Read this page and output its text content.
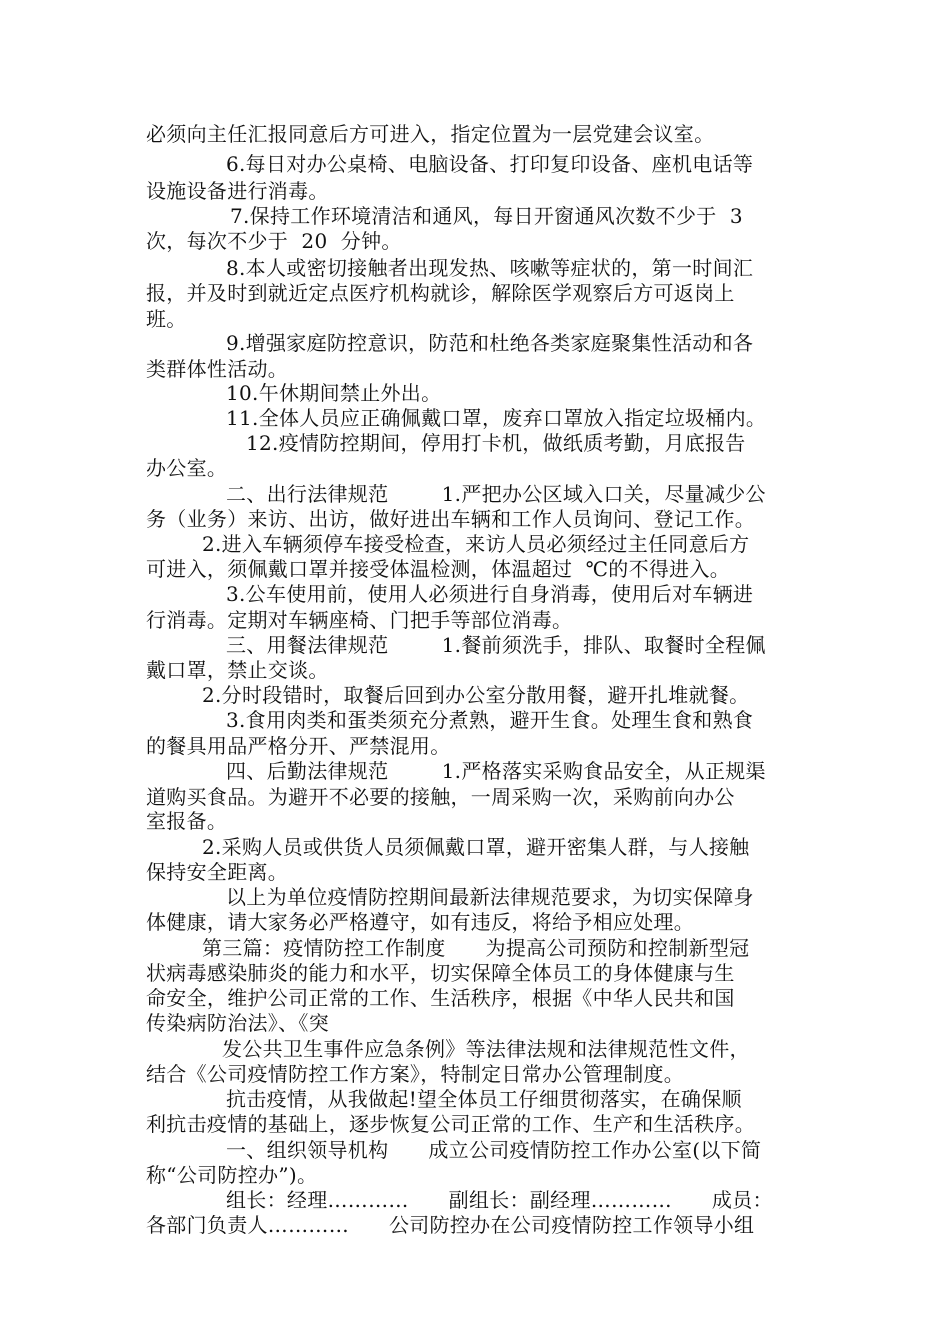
必须向主任汇报同意后方可进入，指定位置为一层党建会议室。
6.每日对办公桌椅、电脑设备、打印复印设备、座机电话等
设施设备进行消毒。
7.保持工作环境清洁和通风，每日开窗通风次数不少于  3
次，每次不少于  20  分钟。
8.本人或密切接触者出现发热、咳嗽等症状的，第一时间汇
报，并及时到就近定点医疗机构就诊，解除医学观察后方可返岗上
班。
9.增强家庭防控意识，防范和杜绝各类家庭聚集性活动和各
类群体性活动。
10.午休期间禁止外出。
11.全体人员应正确佩戴口罩，废弃口罩放入指定垃圾桶内。
12.疫情防控期间，停用打卡机，做纸质考勤，月底报告
办公室。
二、出行法律规范        1.严把办公区域入口关，尽量减少公
务（业务）来访、出访，做好进出车辆和工作人员询问、登记工作。
2.进入车辆须停车接受检查，来访人员必须经过主任同意后方
可进入，须佩戴口罩并接受体温检测，体温超过  ℃的不得进入。
3.公车使用前，使用人必须进行自身消毒，使用后对车辆进
行消毒。定期对车辆座椅、门把手等部位消毒。
三、用餐法律规范        1.餐前须洗手，排队、取餐时全程佩
戴口罩，禁止交谈。
2.分时段错时，取餐后回到办公室分散用餐，避开扎堆就餐。
3.食用肉类和蛋类须充分煮熟，避开生食。处理生食和熟食
的餐具用品严格分开、严禁混用。
四、后勤法律规范        1.严格落实采购食品安全，从正规渠
道购买食品。为避开不必要的接触，一周采购一次，采购前向办公
室报备。
2.采购人员或供货人员须佩戴口罩，避开密集人群，与人接触
保持安全距离。
以上为单位疫情防控期间最新法律规范要求，为切实保障身
体健康，请大家务必严格遵守，如有违反，将给予相应处理。
第三篇：疫情防控工作制度      为提高公司预防和控制新型冠
状病毒感染肺炎的能力和水平，切实保障全体员工的身体健康与生
命安全，维护公司正常的工作、生活秩序，根据《中华人民共和国
传染病防治法》、《突
发公共卫生事件应急条例》等法律法规和法律规范性文件，
结合《公司疫情防控工作方案》，特制定日常办公管理制度。
抗击疫情，从我做起!望全体员工仔细贯彻落实，在确保顺
利抗击疫情的基础上，逐步恢复公司正常的工作、生产和生活秩序。
一、组织领导机构      成立公司疫情防控工作办公室(以下简
称“公司防控办”)。
组长：经理…………      副组长：副经理…………      成员：
各部门负责人…………      公司防控办在公司疫情防控工作领导小组
